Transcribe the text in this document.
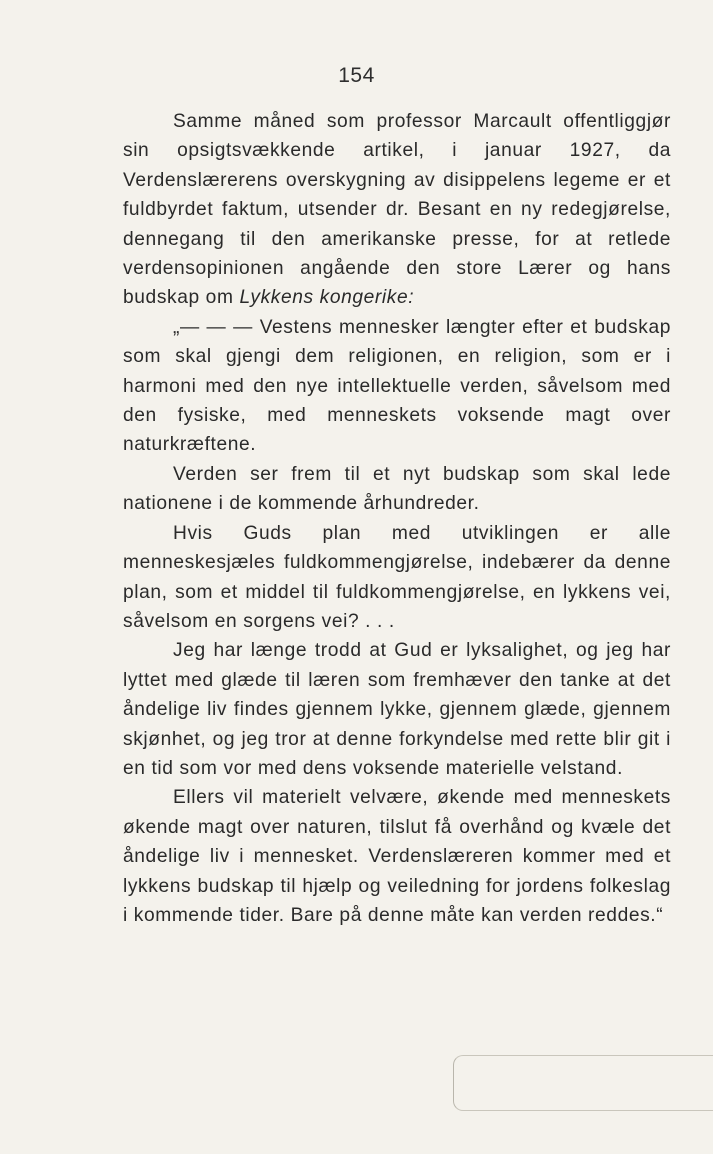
154

Samme måned som professor Marcault offentliggjør sin opsigtsvækkende artikel, i januar 1927, da Verdenslærerens overskygning av disippelens legeme er et fuldbyrdet faktum, utsender dr. Besant en ny redegjørelse, dennegang til den amerikanske presse, for at retlede verdensopinionen angående den store Lærer og hans budskap om Lykkens kongerike:

„— — — Vestens mennesker længter efter et budskap som skal gjengi dem religionen, en religion, som er i harmoni med den nye intellektuelle verden, såvelsom med den fysiske, med menneskets voksende magt over naturkræftene.

Verden ser frem til et nyt budskap som skal lede nationene i de kommende århundreder.

Hvis Guds plan med utviklingen er alle menneskesjæles fuldkommengjørelse, indebærer da denne plan, som et middel til fuldkommengjørelse, en lykkens vei, såvelsom en sorgens vei? . . .

Jeg har længe trodd at Gud er lyksalighet, og jeg har lyttet med glæde til læren som fremhæver den tanke at det åndelige liv findes gjennem lykke, gjennem glæde, gjennem skjønhet, og jeg tror at denne forkyndelse med rette blir git i en tid som vor med dens voksende materielle velstand.

Ellers vil materielt velvære, økende med menneskets økende magt over naturen, tilslut få overhånd og kvæle det åndelige liv i mennesket. Verdenslæreren kommer med et lykkens budskap til hjælp og veiledning for jordens folkeslag i kommende tider. Bare på denne måte kan verden reddes.“
